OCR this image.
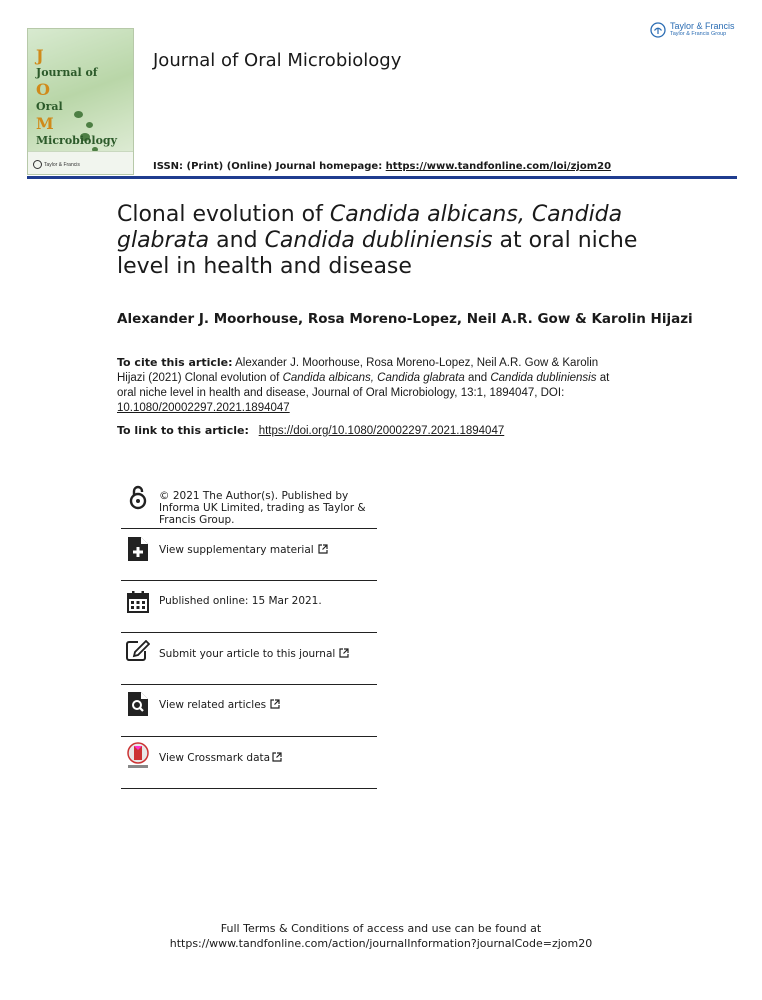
J
Journal of
O
Oral
M
Microbiology
Taylor & Francis
Journal of Oral Microbiology
ISSN: (Print) (Online) Journal homepage: https://www.tandfonline.com/loi/zjom20
Taylor & Francis
Taylor & Francis Group
Clonal evolution of Candida albicans, Candida glabrata and Candida dubliniensis at oral niche level in health and disease
Alexander J. Moorhouse, Rosa Moreno-Lopez, Neil A.R. Gow & Karolin Hijazi
To cite this article: Alexander J. Moorhouse, Rosa Moreno-Lopez, Neil A.R. Gow & Karolin Hijazi (2021) Clonal evolution of Candida albicans, Candida glabrata and Candida dubliniensis at oral niche level in health and disease, Journal of Oral Microbiology, 13:1, 1894047, DOI: 10.1080/20002297.2021.1894047
To link to this article: https://doi.org/10.1080/20002297.2021.1894047
© 2021 The Author(s). Published by Informa UK Limited, trading as Taylor & Francis Group.
View supplementary material
Published online: 15 Mar 2021.
Submit your article to this journal
View related articles
View Crossmark data
Full Terms & Conditions of access and use can be found at
https://www.tandfonline.com/action/journalInformation?journalCode=zjom20
